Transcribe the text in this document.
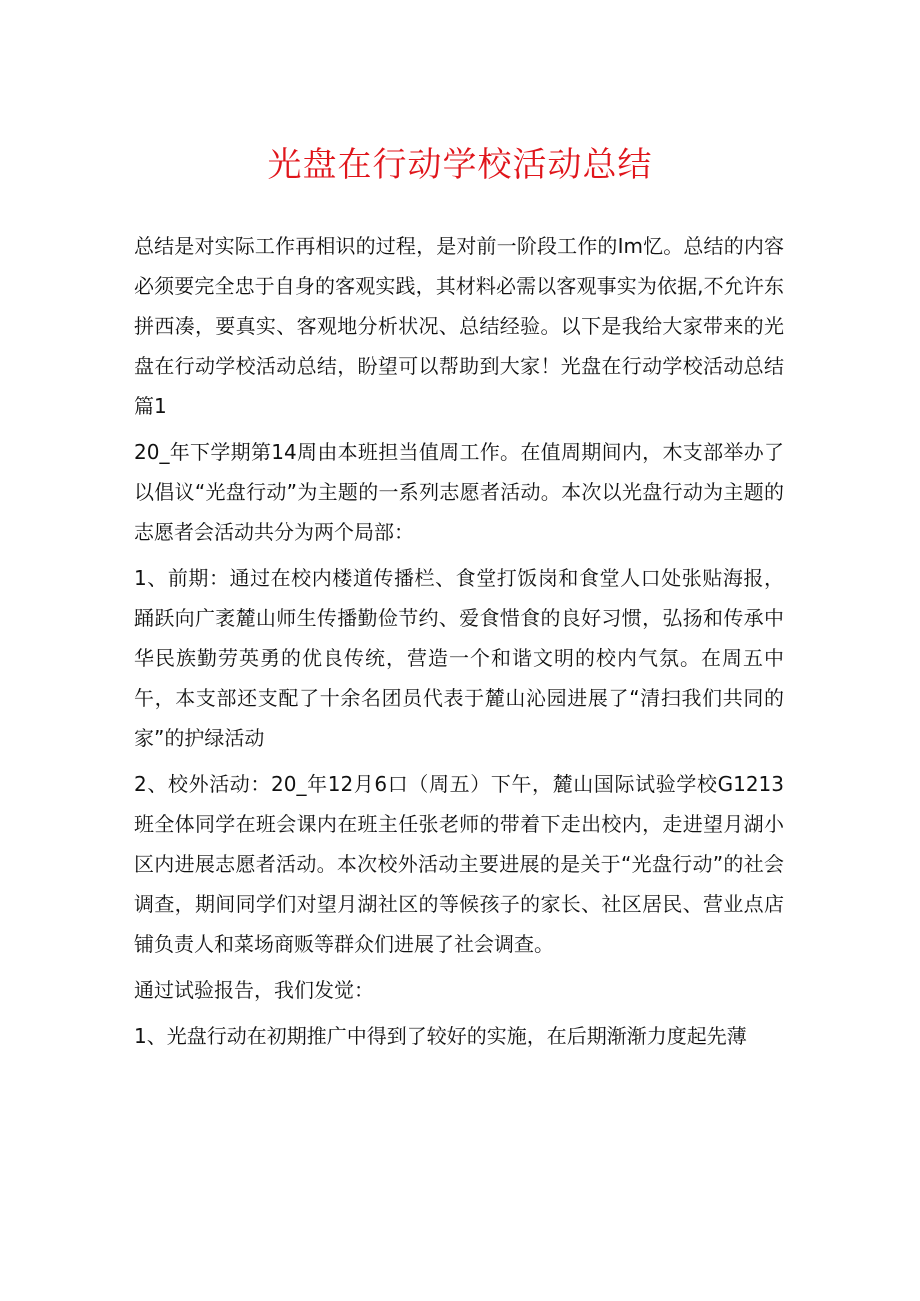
光盘在行动学校活动总结

总结是对实际工作再相识的过程，是对前一阶段工作的Im忆。总结的内容必须要完全忠于自身的客观实践，其材料必需以客观事实为依据,不允许东拼西凑，要真实、客观地分析状况、总结经验。以下是我给大家带来的光盘在行动学校活动总结，盼望可以帮助到大家！光盘在行动学校活动总结篇1

20_年下学期第14周由本班担当值周工作。在值周期间内，木支部举办了以倡议“光盘行动”为主题的一系列志愿者活动。本次以光盘行动为主题的志愿者会活动共分为两个局部：

1、前期：通过在校内楼道传播栏、食堂打饭岗和食堂人口处张贴海报，踊跃向广袤麓山师生传播勤俭节约、爱食惜食的良好习惯，弘扬和传承中华民族勤劳英勇的优良传统，营造一个和谐文明的校内气氛。在周五中午，本支部还支配了十余名团员代表于麓山沁园进展了“清扫我们共同的家”的护绿活动

2、校外活动：20_年12月6口（周五）下午，麓山国际试验学校G1213班全体同学在班会课内在班主任张老师的带着下走出校内，走进望月湖小区内进展志愿者活动。本次校外活动主要进展的是关于“光盘行动”的社会调查，期间同学们对望月湖社区的等候孩子的家长、社区居民、营业点店铺负责人和菜场商贩等群众们进展了社会调查。

通过试验报告，我们发觉：

1、光盘行动在初期推广中得到了较好的实施，在后期渐渐力度起先薄
